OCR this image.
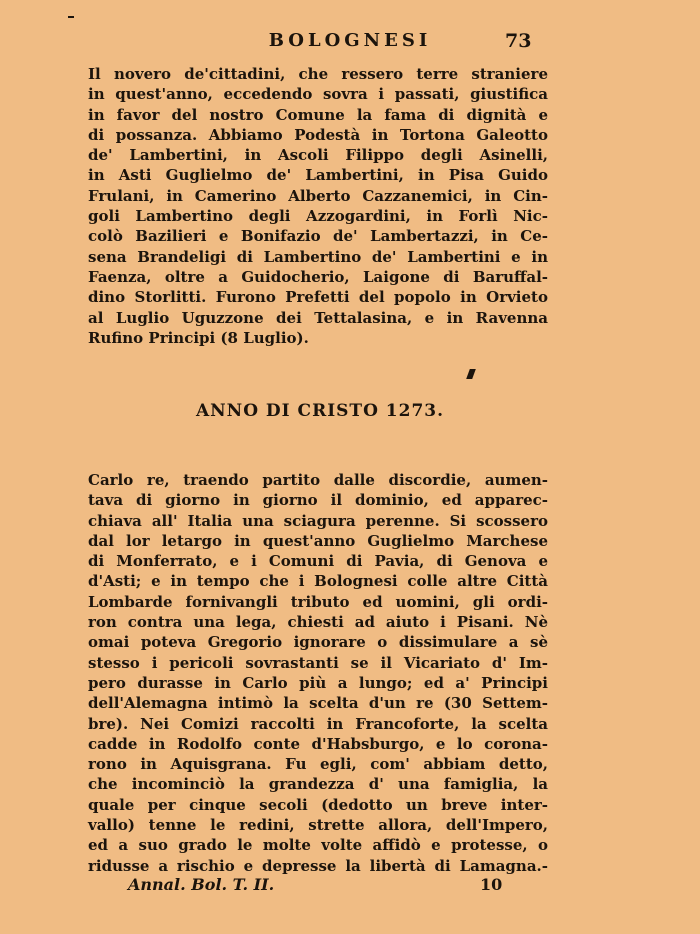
BOLOGNESI	73
Il novero de'cittadini, che ressero terre straniere
in quest'anno, eccedendo sovra i passati, giustifica
in favor del nostro Comune la fama di dignità e
di possanza. Abbiamo Podestà in Tortona Galeotto
de' Lambertini, in Ascoli Filippo degli Asinelli,
in Asti Guglielmo de' Lambertini, in Pisa Guido
Frulani, in Camerino Alberto Cazzanemici, in Cin-
goli Lambertino degli Azzogardini, in Forlì Nic-
colò Bazilieri e Bonifazio de' Lambertazzi, in Ce-
sena Brandeligi di Lambertino de' Lambertini e in
Faenza, oltre a Guidocherio, Laigone di Baruffal-
dino Storlitti. Furono Prefetti del popolo in Orvieto
al Luglio Uguzzone dei Tettalasina, e in Ravenna
Rufino Principi (8 Luglio).
ANNO DI CRISTO 1273.
Carlo re, traendo partito dalle discordie, aumen-
tava di giorno in giorno il dominio, ed apparec-
chiava all' Italia una sciagura perenne. Si scossero
dal lor letargo in quest'anno Guglielmo Marchese
di Monferrato, e i Comuni di Pavia, di Genova e
d'Asti; e in tempo che i Bolognesi colle altre Città
Lombarde fornivangli tributo ed uomini, gli ordi-
ron contra una lega, chiesti ad aiuto i Pisani. Nè
omai poteva Gregorio ignorare o dissimulare a sè
stesso i pericoli sovrastanti se il Vicariato d' Im-
pero durasse in Carlo più a lungo; ed a' Principi
dell'Alemagna intimò la scelta d'un re (30 Settem-
bre). Nei Comizi raccolti in Francoforte, la scelta
cadde in Rodolfo conte d'Habsburgo, e lo corona-
rono in Aquisgrana. Fu egli, com' abbiam detto,
che incominciò la grandezza d' una famiglia, la
quale per cinque secoli (dedotto un breve inter-
vallo) tenne le redini, strette allora, dell'Impero,
ed a suo grado le molte volte affidò e protesse, o
ridusse a rischio e depresse la libertà di Lamagna.-
Annal. Bol. T. II.	10
